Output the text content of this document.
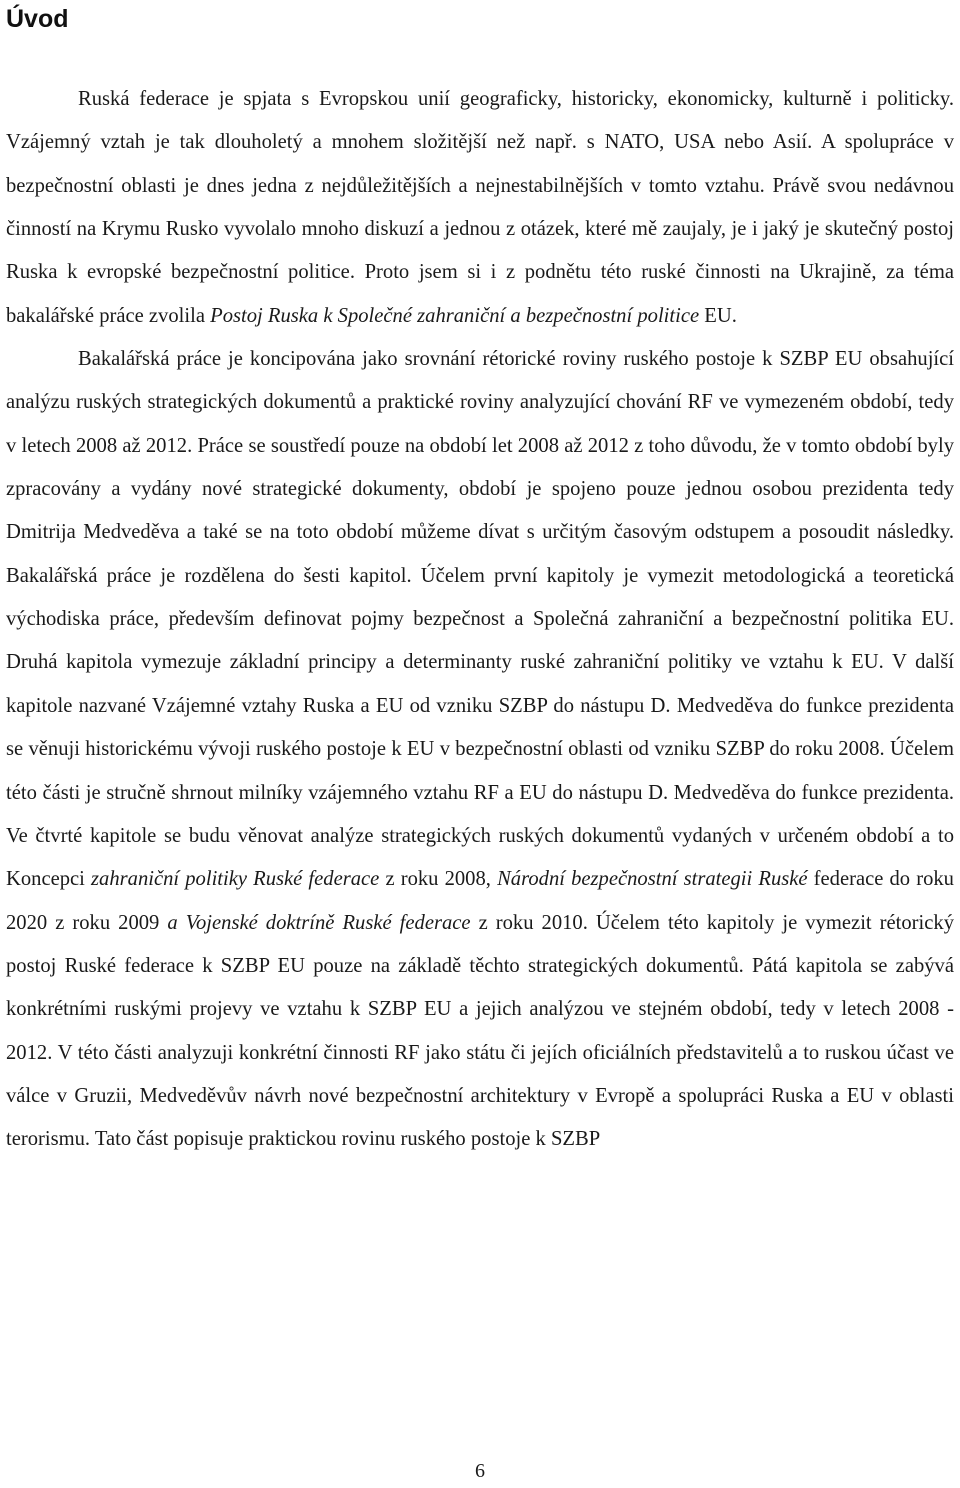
Úvod

Ruská federace je spjata s Evropskou unií geograficky, historicky, ekonomicky, kulturně i politicky. Vzájemný vztah je tak dlouholetý a mnohem složitější než např. s NATO, USA nebo Asií. A spolupráce v bezpečnostní oblasti je dnes jedna z nejdůležitějších a nejnestabilnějších v tomto vztahu. Právě svou nedávnou činností na Krymu Rusko vyvolalo mnoho diskuzí a jednou z otázek, které mě zaujaly, je i jaký je skutečný postoj Ruska k evropské bezpečnostní politice. Proto jsem si i z podnětu této ruské činnosti na Ukrajině, za téma bakalářské práce zvolila Postoj Ruska k Společné zahraniční a bezpečnostní politice EU.

Bakalářská práce je koncipována jako srovnání rétorické roviny ruského postoje k SZBP EU obsahující analýzu ruských strategických dokumentů a praktické roviny analyzující chování RF ve vymezeném období, tedy v letech 2008 až 2012. Práce se soustředí pouze na období let 2008 až 2012 z toho důvodu, že v tomto období byly zpracovány a vydány nové strategické dokumenty, období je spojeno pouze jednou osobou prezidenta tedy Dmitrija Medveděva a také se na toto období můžeme dívat s určitým časovým odstupem a posoudit následky. Bakalářská práce je rozdělena do šesti kapitol. Účelem první kapitoly je vymezit metodologická a teoretická východiska práce, především definovat pojmy bezpečnost a Společná zahraniční a bezpečnostní politika EU. Druhá kapitola vymezuje základní principy a determinanty ruské zahraniční politiky ve vztahu k EU. V další kapitole nazvané Vzájemné vztahy Ruska a EU od vzniku SZBP do nástupu D. Medveděva do funkce prezidenta se věnuji historickému vývoji ruského postoje k EU v bezpečnostní oblasti od vzniku SZBP do roku 2008. Účelem této části je stručně shrnout milníky vzájemného vztahu RF a EU do nástupu D. Medveděva do funkce prezidenta. Ve čtvrté kapitole se budu věnovat analýze strategických ruských dokumentů vydaných v určeném období a to Koncepci zahraniční politiky Ruské federace z roku 2008, Národní bezpečnostní strategii Ruské federace do roku 2020 z roku 2009 a Vojenské doktríně Ruské federace z roku 2010. Účelem této kapitoly je vymezit rétorický postoj Ruské federace k SZBP EU pouze na základě těchto strategických dokumentů. Pátá kapitola se zabývá konkrétními ruskými projevy ve vztahu k SZBP EU a jejich analýzou ve stejném období, tedy v letech 2008 - 2012. V této části analyzuji konkrétní činnosti RF jako státu či jejích oficiálních představitelů a to ruskou účast ve válce v Gruzii, Medveděvův návrh nové bezpečnostní architektury v Evropě a spolupráci Ruska a EU v oblasti terorismu. Tato část popisuje praktickou rovinu ruského postoje k SZBP

6
